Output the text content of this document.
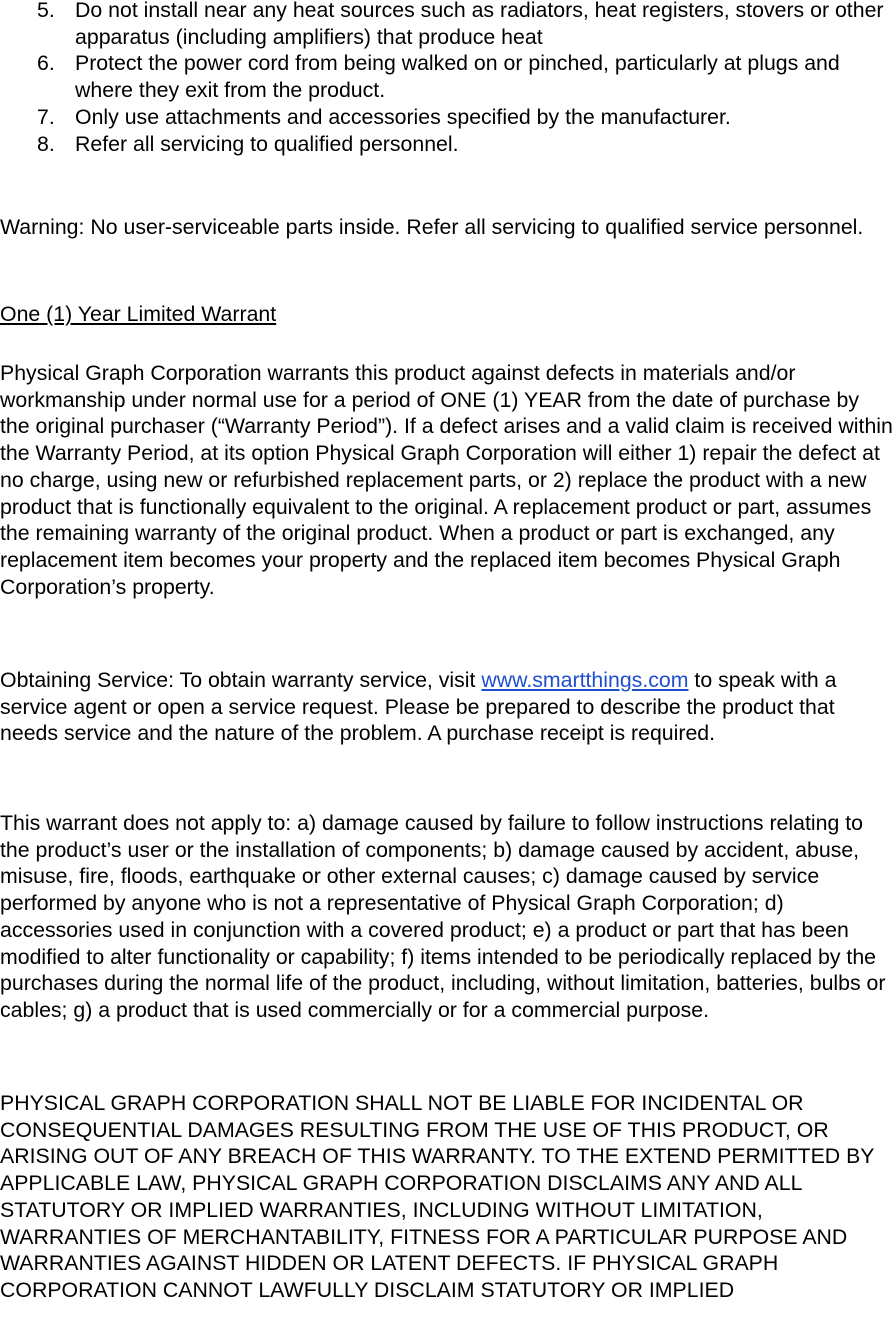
5. Do not install near any heat sources such as radiators, heat registers, stovers or other apparatus (including amplifiers) that produce heat
6. Protect the power cord from being walked on or pinched, particularly at plugs and where they exit from the product.
7. Only use attachments and accessories specified by the manufacturer.
8. Refer all servicing to qualified personnel.

Warning: No user-serviceable parts inside. Refer all servicing to qualified service personnel.

One (1) Year Limited Warrant

Physical Graph Corporation warrants this product against defects in materials and/or workmanship under normal use for a period of ONE (1) YEAR from the date of purchase by the original purchaser (“Warranty Period”). If a defect arises and a valid claim is received within the Warranty Period, at its option Physical Graph Corporation will either 1) repair the defect at no charge, using new or refurbished replacement parts, or 2) replace the product with a new product that is functionally equivalent to the original. A replacement product or part, assumes the remaining warranty of the original product. When a product or part is exchanged, any replacement item becomes your property and the replaced item becomes Physical Graph Corporation’s property.

Obtaining Service: To obtain warranty service, visit www.smartthings.com to speak with a service agent or open a service request. Please be prepared to describe the product that needs service and the nature of the problem. A purchase receipt is required.

This warrant does not apply to: a) damage caused by failure to follow instructions relating to the product’s user or the installation of components; b) damage caused by accident, abuse, misuse, fire, floods, earthquake or other external causes; c) damage caused by service performed by anyone who is not a representative of Physical Graph Corporation; d) accessories used in conjunction with a covered product; e) a product or part that has been modified to alter functionality or capability; f) items intended to be periodically replaced by the purchases during the normal life of the product, including, without limitation, batteries, bulbs or cables; g) a product that is used commercially or for a commercial purpose.

PHYSICAL GRAPH CORPORATION SHALL NOT BE LIABLE FOR INCIDENTAL OR CONSEQUENTIAL DAMAGES RESULTING FROM THE USE OF THIS PRODUCT, OR ARISING OUT OF ANY BREACH OF THIS WARRANTY. TO THE EXTEND PERMITTED BY APPLICABLE LAW, PHYSICAL GRAPH CORPORATION DISCLAIMS ANY AND ALL STATUTORY OR IMPLIED WARRANTIES, INCLUDING WITHOUT LIMITATION, WARRANTIES OF MERCHANTABILITY, FITNESS FOR A PARTICULAR PURPOSE AND WARRANTIES AGAINST HIDDEN OR LATENT DEFECTS. IF PHYSICAL GRAPH CORPORATION CANNOT LAWFULLY DISCLAIM STATUTORY OR IMPLIED
